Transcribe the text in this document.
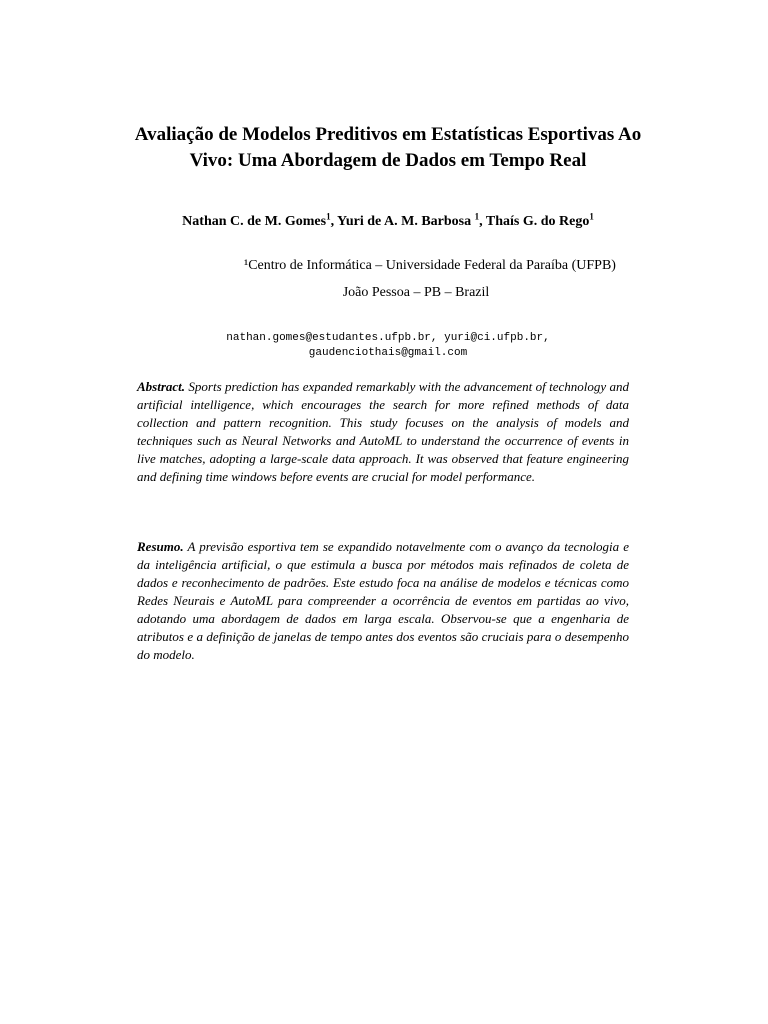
Avaliação de Modelos Preditivos em Estatísticas Esportivas Ao Vivo: Uma Abordagem de Dados em Tempo Real
Nathan C. de M. Gomes$^1$, Yuri de A. M. Barbosa $^1$, Thaís G. do Rego$^1$
¹Centro de Informática – Universidade Federal da Paraíba (UFPB)
João Pessoa – PB – Brazil
nathan.gomes@estudantes.ufpb.br, yuri@ci.ufpb.br,
gaudenciothais@gmail.com
Abstract. Sports prediction has expanded remarkably with the advancement of technology and artificial intelligence, which encourages the search for more refined methods of data collection and pattern recognition. This study focuses on the analysis of models and techniques such as Neural Networks and AutoML to understand the occurrence of events in live matches, adopting a large-scale data approach. It was observed that feature engineering and defining time windows before events are crucial for model performance.
Resumo. A previsão esportiva tem se expandido notavelmente com o avanço da tecnologia e da inteligência artificial, o que estimula a busca por métodos mais refinados de coleta de dados e reconhecimento de padrões. Este estudo foca na análise de modelos e técnicas como Redes Neurais e AutoML para compreender a ocorrência de eventos em partidas ao vivo, adotando uma abordagem de dados em larga escala. Observou-se que a engenharia de atributos e a definição de janelas de tempo antes dos eventos são cruciais para o desempenho do modelo.
